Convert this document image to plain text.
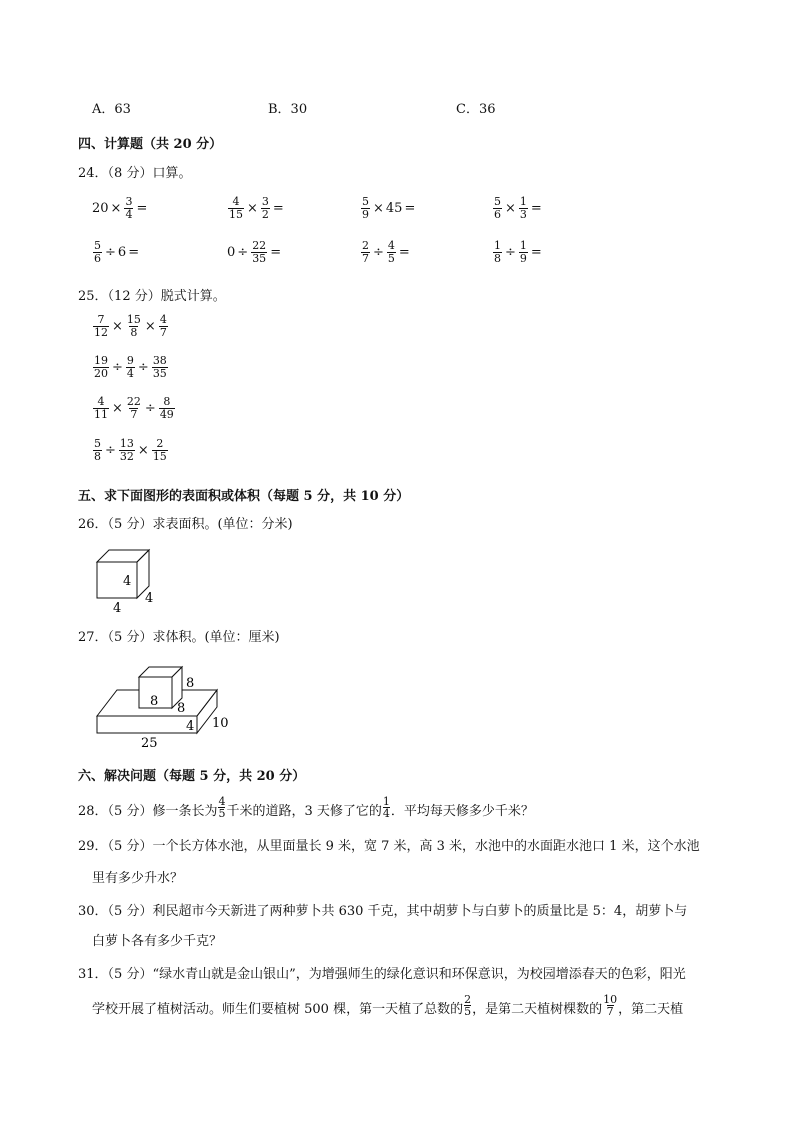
A．63	B．30	C．36
四、计算题（共 20 分）
24．（8 分）口算。
$20 \times \frac{3}{4}$ =	$\frac{4}{15} \times \frac{3}{2}$ =	$\frac{5}{9} \times 45$ =	$\frac{5}{6} \times \frac{1}{3}$ =
$\frac{5}{6} \div 6$ =	$0 \div \frac{22}{35}$ =	$\frac{2}{7} \div \frac{4}{5}$ =	$\frac{1}{8} \div \frac{1}{9}$ =
25．（12 分）脱式计算。
$\frac{7}{12} \times \frac{15}{8} \times \frac{4}{7}$
$\frac{19}{20} \div \frac{9}{4} \div \frac{38}{35}$
$\frac{4}{11} \times \frac{22}{7} \div \frac{8}{49}$
$\frac{5}{8} \div \frac{13}{32} \times \frac{2}{15}$
五、求下面图形的表面积或体积（每题 5 分，共 10 分）
26．（5 分）求表面积。(单位：分米)
4
4
4
27．（5 分）求体积。(单位：厘米)
8
8 8
4 10
25
六、解决问题（每题 5 分，共 20 分）
28．（5 分）修一条长为 $\frac{4}{5}$ 千米的道路，3 天修了它的 $\frac{1}{4}$ ．平均每天修多少千米？
29．（5 分）一个长方体水池，从里面量长 9 米，宽 7 米，高 3 米，水池中的水面距水池口 1 米，这个水池
里有多少升水？
30．（5 分）利民超市今天新进了两种萝卜共 630 千克，其中胡萝卜与白萝卜的质量比是 5：4，胡萝卜与
白萝卜各有多少千克？
31．（5 分）“绿水青山就是金山银山”，为增强师生的绿化意识和环保意识，为校园增添春天的色彩，阳光
学校开展了植树活动。师生们要植树 500 棵，第一天植了总数的 $\frac{2}{5}$ ，是第二天植树棵数的 $\frac{10}{7}$ ，第二天植
